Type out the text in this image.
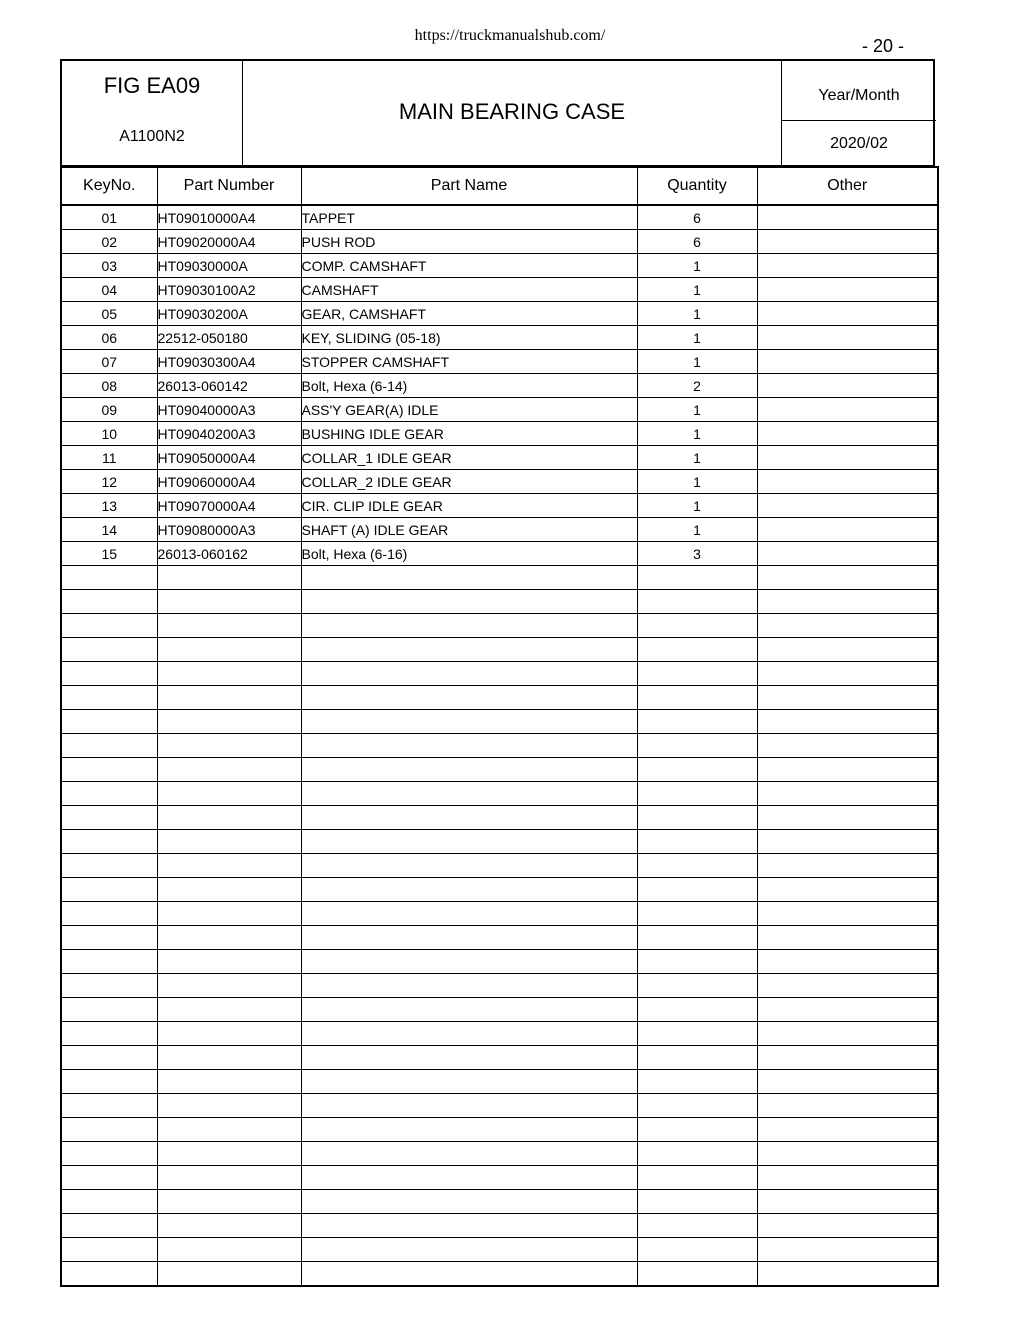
https://truckmanualshub.com/
- 20 -
FIG EA09
A1100N2
MAIN BEARING CASE
Year/Month
2020/02
KeyNo.	Part Number	Part Name	Quantity	Other
01	HT09010000A4	TAPPET	6	
02	HT09020000A4	PUSH ROD	6	
03	HT09030000A	COMP. CAMSHAFT	1	
04	HT09030100A2	CAMSHAFT	1	
05	HT09030200A	GEAR, CAMSHAFT	1	
06	22512-050180	KEY, SLIDING (05-18)	1	
07	HT09030300A4	STOPPER CAMSHAFT	1	
08	26013-060142	Bolt, Hexa (6-14)	2	
09	HT09040000A3	ASS'Y GEAR(A) IDLE	1	
10	HT09040200A3	BUSHING IDLE GEAR	1	
11	HT09050000A4	COLLAR_1 IDLE GEAR	1	
12	HT09060000A4	COLLAR_2 IDLE GEAR	1	
13	HT09070000A4	CIR. CLIP IDLE GEAR	1	
14	HT09080000A3	SHAFT (A) IDLE GEAR	1	
15	26013-060162	Bolt, Hexa (6-16)	3	
